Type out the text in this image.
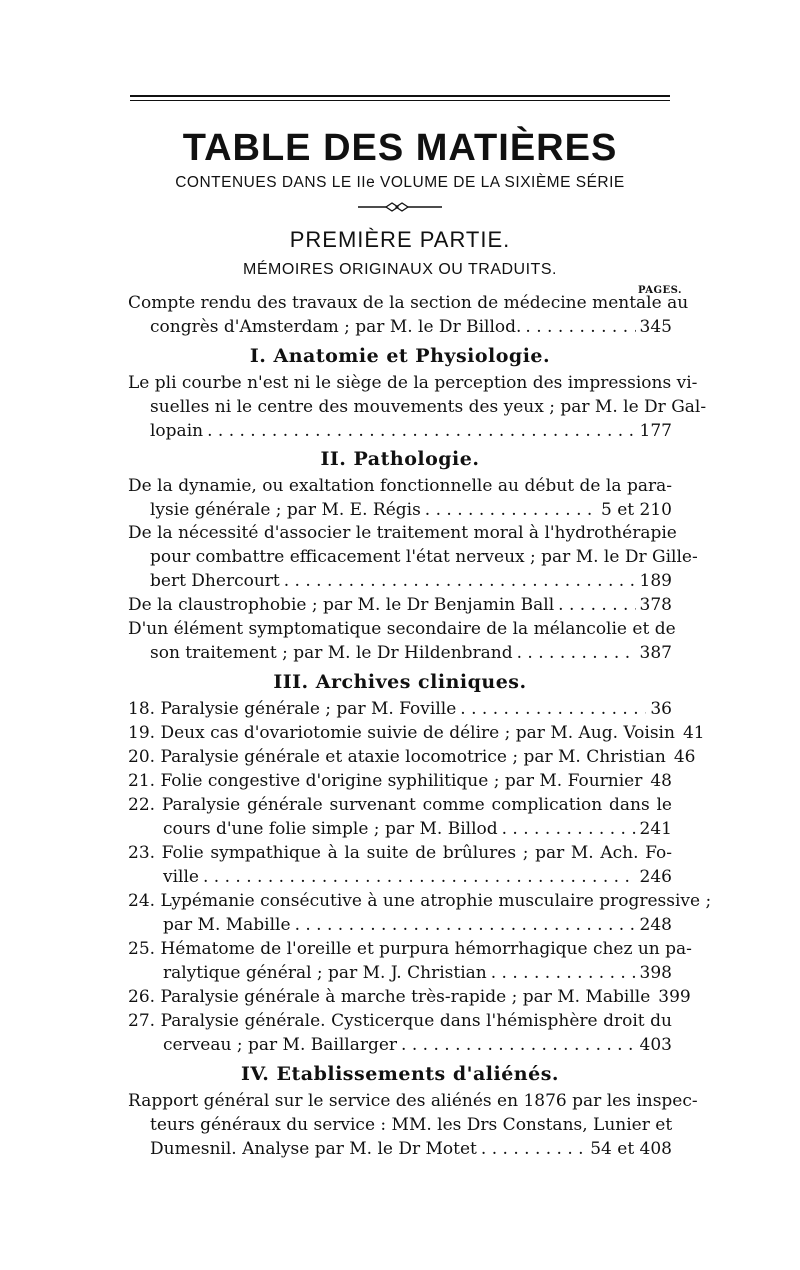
TABLE DES MATIÈRES
CONTENUES DANS LE IIe VOLUME DE LA SIXIÈME SÉRIE
PREMIÈRE PARTIE.
MÉMOIRES ORIGINAUX OU TRADUITS.
PAGES.
Compte rendu des travaux de la section de médecine mentale au
congrès d'Amsterdam ; par M. le Dr Billod. . . .	345
I. Anatomie et Physiologie.
Le pli courbe n'est ni le siège de la perception des impressions vi-
suelles ni le centre des mouvements des yeux ; par M. le Dr Gal-
lopain . . .	177
II. Pathologie.
De la dynamie, ou exaltation fonctionnelle au début de la para-
lysie générale ; par M. E. Régis . . .	5 et 210
De la nécessité d'associer le traitement moral à l'hydrothérapie
pour combattre efficacement l'état nerveux ; par M. le Dr Gille-
bert Dhercourt . . .	189
De la claustrophobie ; par M. le Dr Benjamin Ball . . .	378
D'un élément symptomatique secondaire de la mélancolie et de
son traitement ; par M. le Dr Hildenbrand . . .	387
III. Archives cliniques.
18. Paralysie générale ; par M. Foville . . .	36
19. Deux cas d'ovariotomie suivie de délire ; par M. Aug. Voisin 41
20. Paralysie générale et ataxie locomotrice ; par M. Christian 46
21. Folie congestive d'origine syphilitique ; par M. Fournier 48
22. Paralysie générale survenant comme complication dans le
cours d'une folie simple ; par M. Billod . . .	241
23. Folie sympathique à la suite de brûlures ; par M. Ach. Fo-
ville . . .	246
24. Lypémanie consécutive à une atrophie musculaire progressive ;
par M. Mabille . . .	248
25. Hématome de l'oreille et purpura hémorrhagique chez un pa-
ralytique général ; par M. J. Christian . . .	398
26. Paralysie générale à marche très-rapide ; par M. Mabille 399
27. Paralysie générale. Cysticerque dans l'hémisphère droit du
cerveau ; par M. Baillarger . . .	403
IV. Etablissements d'aliénés.
Rapport général sur le service des aliénés en 1876 par les inspec-
teurs généraux du service : MM. les Drs Constans, Lunier et
Dumesnil. Analyse par M. le Dr Motet . . .	54 et 408
